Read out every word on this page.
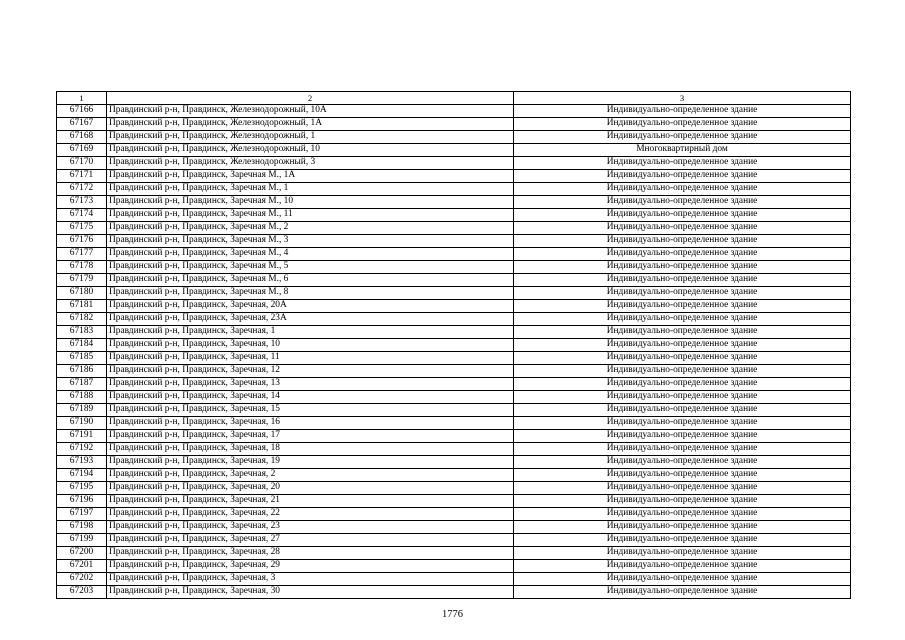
1	2	3
67166	Правдинский р-н, Правдинск, Железнодорожный, 10А	Индивидуально-определенное здание
67167	Правдинский р-н, Правдинск, Железнодорожный, 1А	Индивидуально-определенное здание
67168	Правдинский р-н, Правдинск, Железнодорожный, 1	Индивидуально-определенное здание
67169	Правдинский р-н, Правдинск, Железнодорожный, 10	Многоквартирный дом
67170	Правдинский р-н, Правдинск, Железнодорожный, 3	Индивидуально-определенное здание
67171	Правдинский р-н, Правдинск, Заречная М., 1А	Индивидуально-определенное здание
67172	Правдинский р-н, Правдинск, Заречная М., 1	Индивидуально-определенное здание
67173	Правдинский р-н, Правдинск, Заречная М., 10	Индивидуально-определенное здание
67174	Правдинский р-н, Правдинск, Заречная М., 11	Индивидуально-определенное здание
67175	Правдинский р-н, Правдинск, Заречная М., 2	Индивидуально-определенное здание
67176	Правдинский р-н, Правдинск, Заречная М., 3	Индивидуально-определенное здание
67177	Правдинский р-н, Правдинск, Заречная М., 4	Индивидуально-определенное здание
67178	Правдинский р-н, Правдинск, Заречная М., 5	Индивидуально-определенное здание
67179	Правдинский р-н, Правдинск, Заречная М., 6	Индивидуально-определенное здание
67180	Правдинский р-н, Правдинск, Заречная М., 8	Индивидуально-определенное здание
67181	Правдинский р-н, Правдинск, Заречная, 20А	Индивидуально-определенное здание
67182	Правдинский р-н, Правдинск, Заречная, 23А	Индивидуально-определенное здание
67183	Правдинский р-н, Правдинск, Заречная, 1	Индивидуально-определенное здание
67184	Правдинский р-н, Правдинск, Заречная, 10	Индивидуально-определенное здание
67185	Правдинский р-н, Правдинск, Заречная, 11	Индивидуально-определенное здание
67186	Правдинский р-н, Правдинск, Заречная, 12	Индивидуально-определенное здание
67187	Правдинский р-н, Правдинск, Заречная, 13	Индивидуально-определенное здание
67188	Правдинский р-н, Правдинск, Заречная, 14	Индивидуально-определенное здание
67189	Правдинский р-н, Правдинск, Заречная, 15	Индивидуально-определенное здание
67190	Правдинский р-н, Правдинск, Заречная, 16	Индивидуально-определенное здание
67191	Правдинский р-н, Правдинск, Заречная, 17	Индивидуально-определенное здание
67192	Правдинский р-н, Правдинск, Заречная, 18	Индивидуально-определенное здание
67193	Правдинский р-н, Правдинск, Заречная, 19	Индивидуально-определенное здание
67194	Правдинский р-н, Правдинск, Заречная, 2	Индивидуально-определенное здание
67195	Правдинский р-н, Правдинск, Заречная, 20	Индивидуально-определенное здание
67196	Правдинский р-н, Правдинск, Заречная, 21	Индивидуально-определенное здание
67197	Правдинский р-н, Правдинск, Заречная, 22	Индивидуально-определенное здание
67198	Правдинский р-н, Правдинск, Заречная, 23	Индивидуально-определенное здание
67199	Правдинский р-н, Правдинск, Заречная, 27	Индивидуально-определенное здание
67200	Правдинский р-н, Правдинск, Заречная, 28	Индивидуально-определенное здание
67201	Правдинский р-н, Правдинск, Заречная, 29	Индивидуально-определенное здание
67202	Правдинский р-н, Правдинск, Заречная, 3	Индивидуально-определенное здание
67203	Правдинский р-н, Правдинск, Заречная, 30	Индивидуально-определенное здание
1776
